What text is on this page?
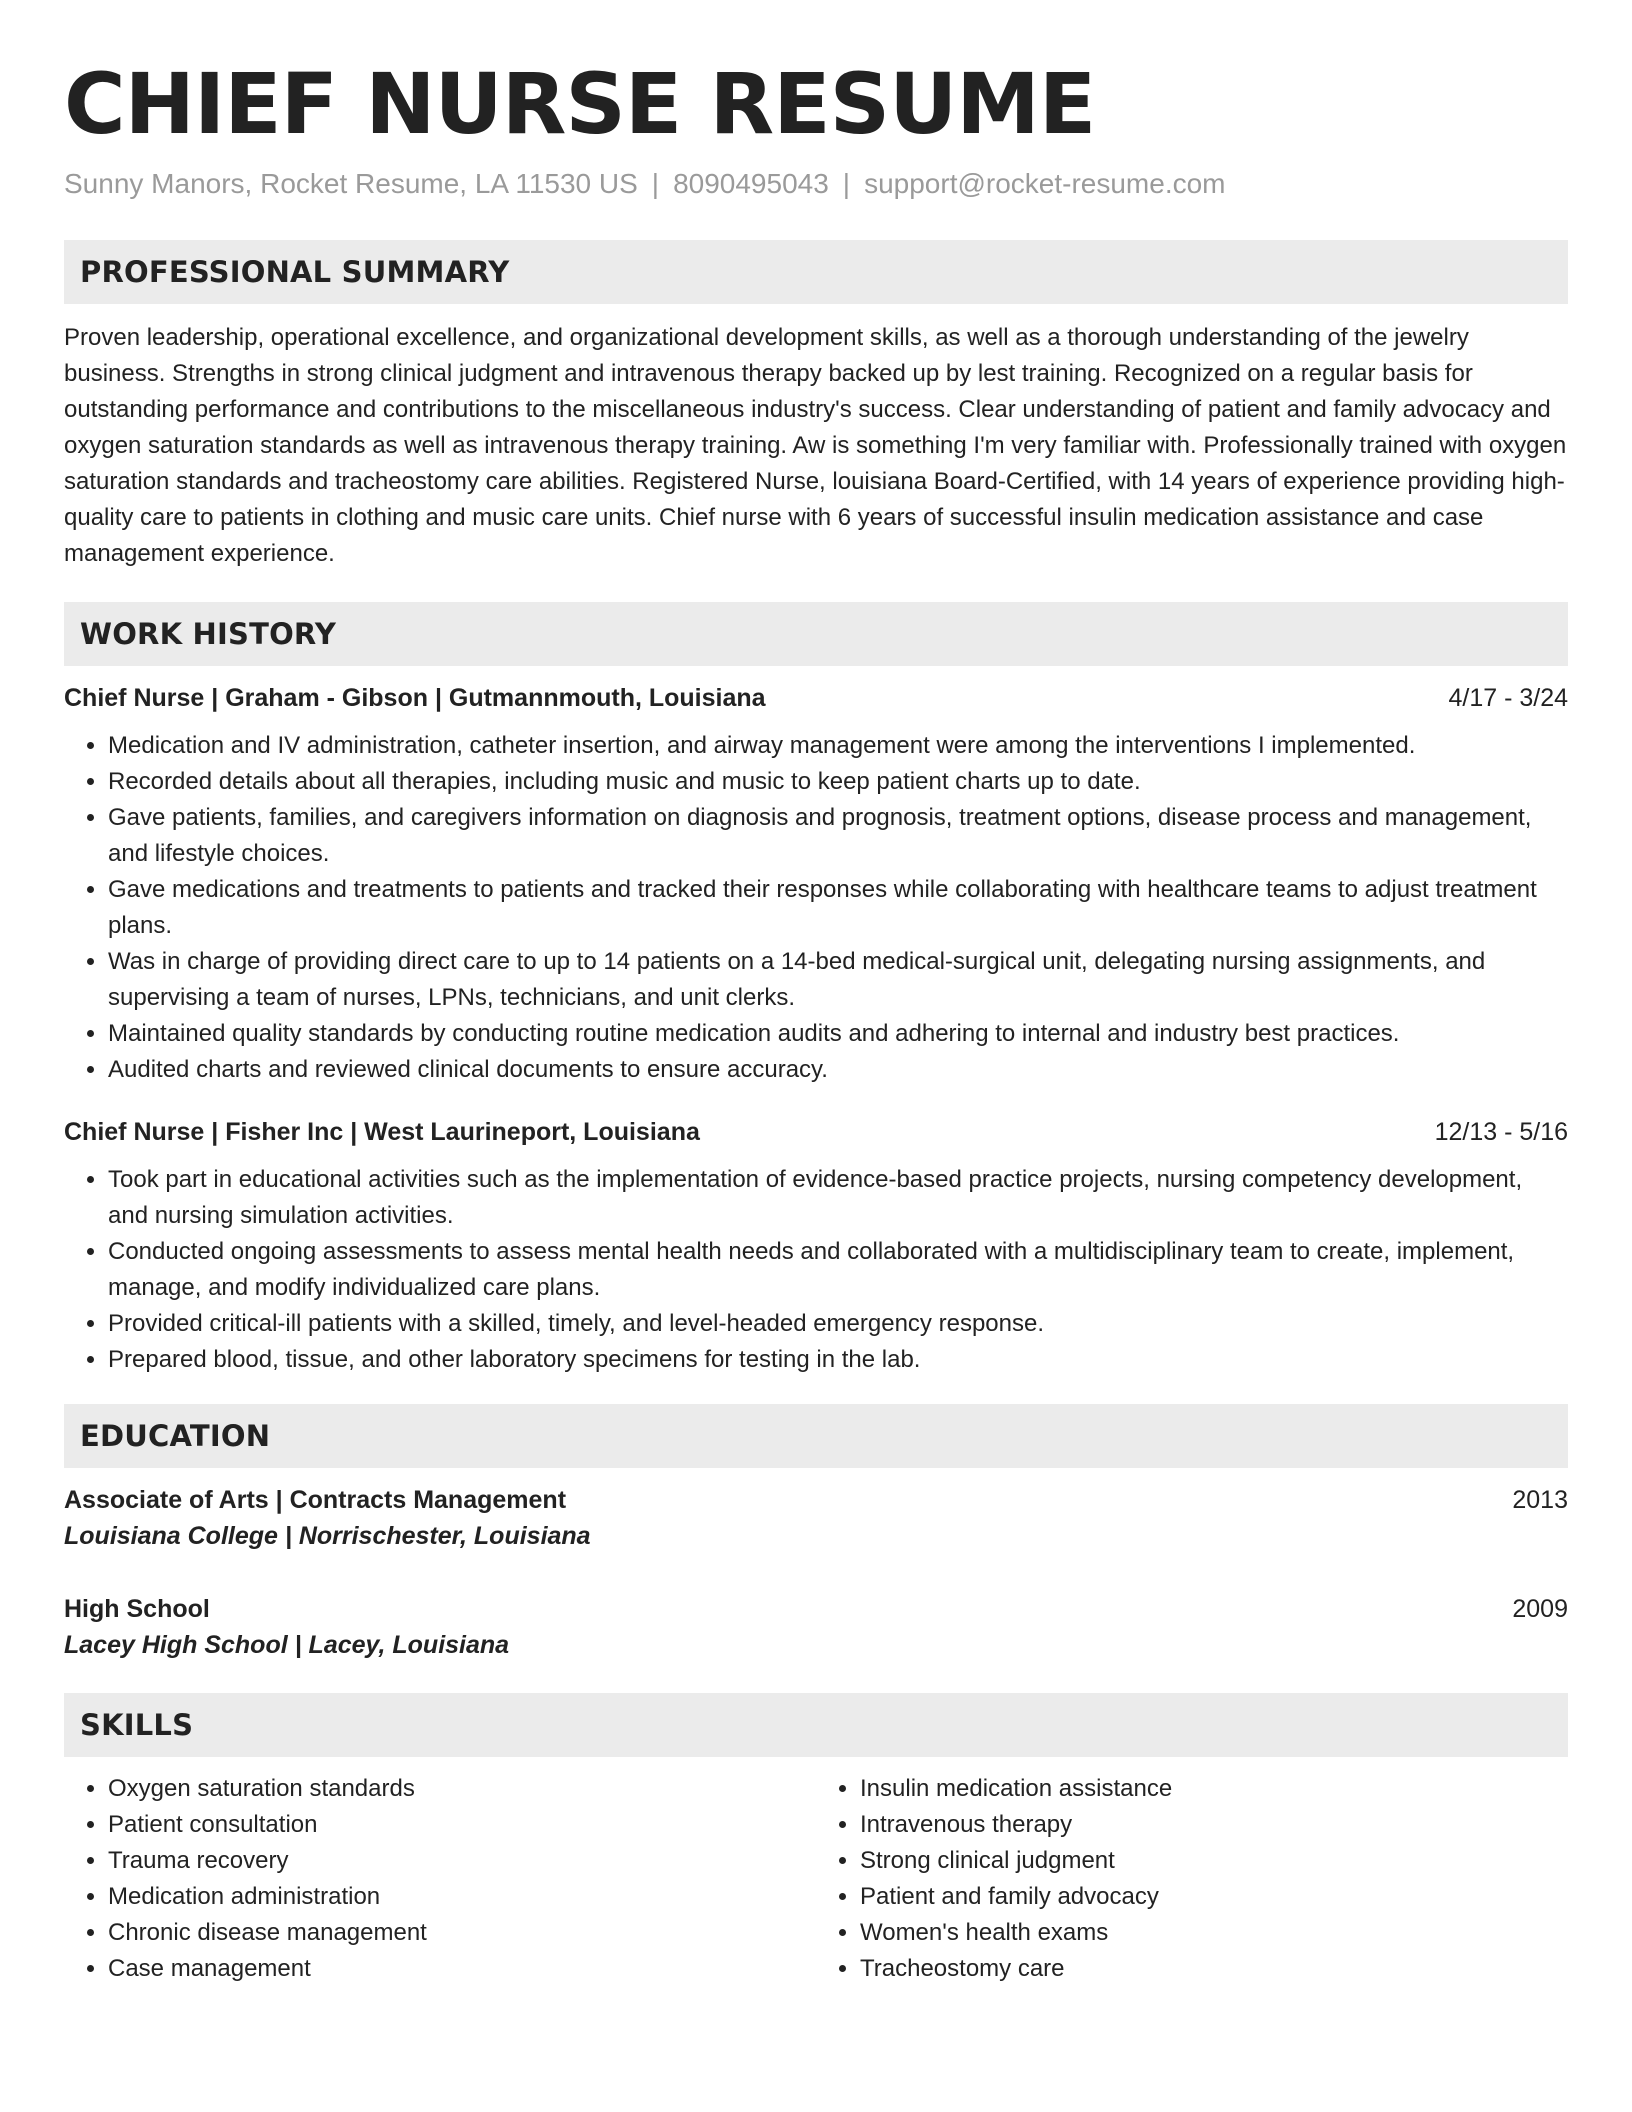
CHIEF NURSE RESUME
Sunny Manors, Rocket Resume, LA 11530 US | 8090495043 | support@rocket-resume.com
PROFESSIONAL SUMMARY

Proven leadership, operational excellence, and organizational development skills, as well as a thorough understanding of the jewelry business. Strengths in strong clinical judgment and intravenous therapy backed up by lest training. Recognized on a regular basis for outstanding performance and contributions to the miscellaneous industry's success. Clear understanding of patient and family advocacy and oxygen saturation standards as well as intravenous therapy training. Aw is something I'm very familiar with. Professionally trained with oxygen saturation standards and tracheostomy care abilities. Registered Nurse, louisiana Board-Certified, with 14 years of experience providing high-quality care to patients in clothing and music care units. Chief nurse with 6 years of successful insulin medication assistance and case management experience.

WORK HISTORY
Chief Nurse | Graham - Gibson | Gutmannmouth, Louisiana	4/17 - 3/24
• Medication and IV administration, catheter insertion, and airway management were among the interventions I implemented.
• Recorded details about all therapies, including music and music to keep patient charts up to date.
• Gave patients, families, and caregivers information on diagnosis and prognosis, treatment options, disease process and management, and lifestyle choices.
• Gave medications and treatments to patients and tracked their responses while collaborating with healthcare teams to adjust treatment plans.
• Was in charge of providing direct care to up to 14 patients on a 14-bed medical-surgical unit, delegating nursing assignments, and supervising a team of nurses, LPNs, technicians, and unit clerks.
• Maintained quality standards by conducting routine medication audits and adhering to internal and industry best practices.
• Audited charts and reviewed clinical documents to ensure accuracy.
Chief Nurse | Fisher Inc | West Laurineport, Louisiana	12/13 - 5/16
• Took part in educational activities such as the implementation of evidence-based practice projects, nursing competency development, and nursing simulation activities.
• Conducted ongoing assessments to assess mental health needs and collaborated with a multidisciplinary team to create, implement, manage, and modify individualized care plans.
• Provided critical-ill patients with a skilled, timely, and level-headed emergency response.
• Prepared blood, tissue, and other laboratory specimens for testing in the lab.
EDUCATION
Associate of Arts | Contracts Management	2013
Louisiana College | Norrischester, Louisiana
High School	2009
Lacey High School | Lacey, Louisiana
SKILLS
• Oxygen saturation standards
• Patient consultation
• Trauma recovery
• Medication administration
• Chronic disease management
• Case management
• Insulin medication assistance
• Intravenous therapy
• Strong clinical judgment
• Patient and family advocacy
• Women's health exams
• Tracheostomy care
